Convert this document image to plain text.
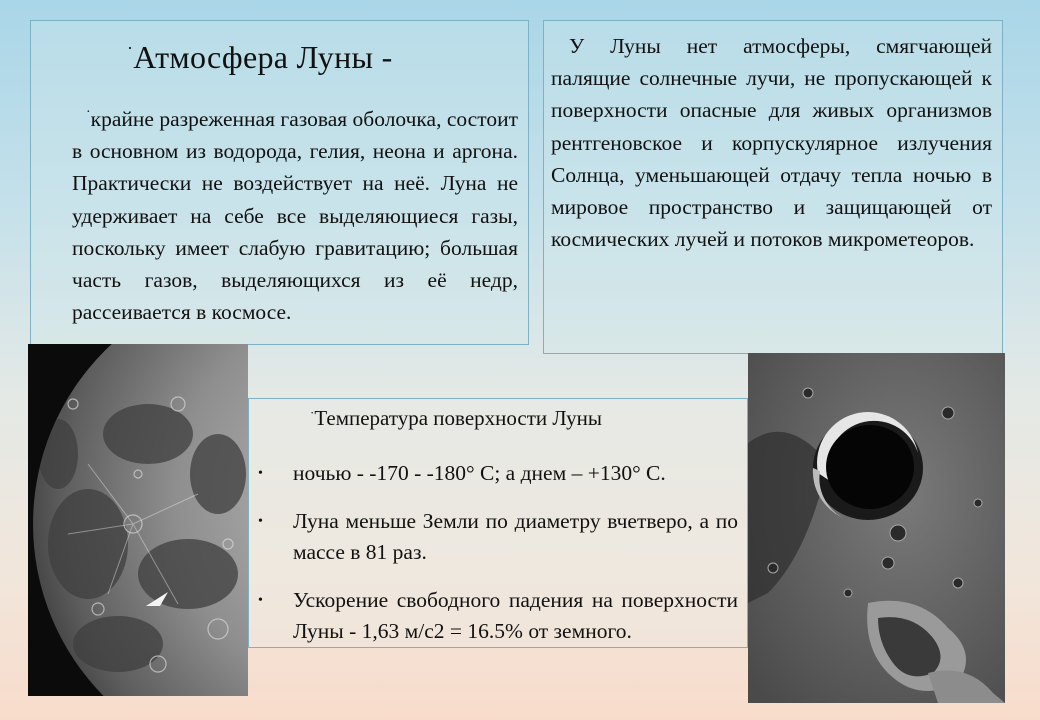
·Атмосфера Луны -
·крайне разреженная газовая оболочка, состоит в основном из водорода, гелия, неона и аргона. Практически не воздействует на неё. Луна не удерживает на себе все выделяющиеся газы, поскольку имеет слабую гравитацию; большая часть газов, выделяющихся из её недр, рассеивается в космосе.
У Луны нет атмосферы, смягчающей палящие солнечные лучи, не пропускающей к поверхности опасные для живых организмов рентгеновское и корпускулярное излучения Солнца, уменьшающей отдачу тепла ночью в мировое пространство и защищающей от космических лучей и потоков микрометеоров.
·Температура поверхности Луны
• ночью - -170 - -180° С; а днем – +130° С.
• Луна меньше Земли по диаметру вчетверо, а по массе в 81 раз.
• Ускорение свободного падения на поверхности Луны - 1,63 м/с2 = 16.5% от земного.
